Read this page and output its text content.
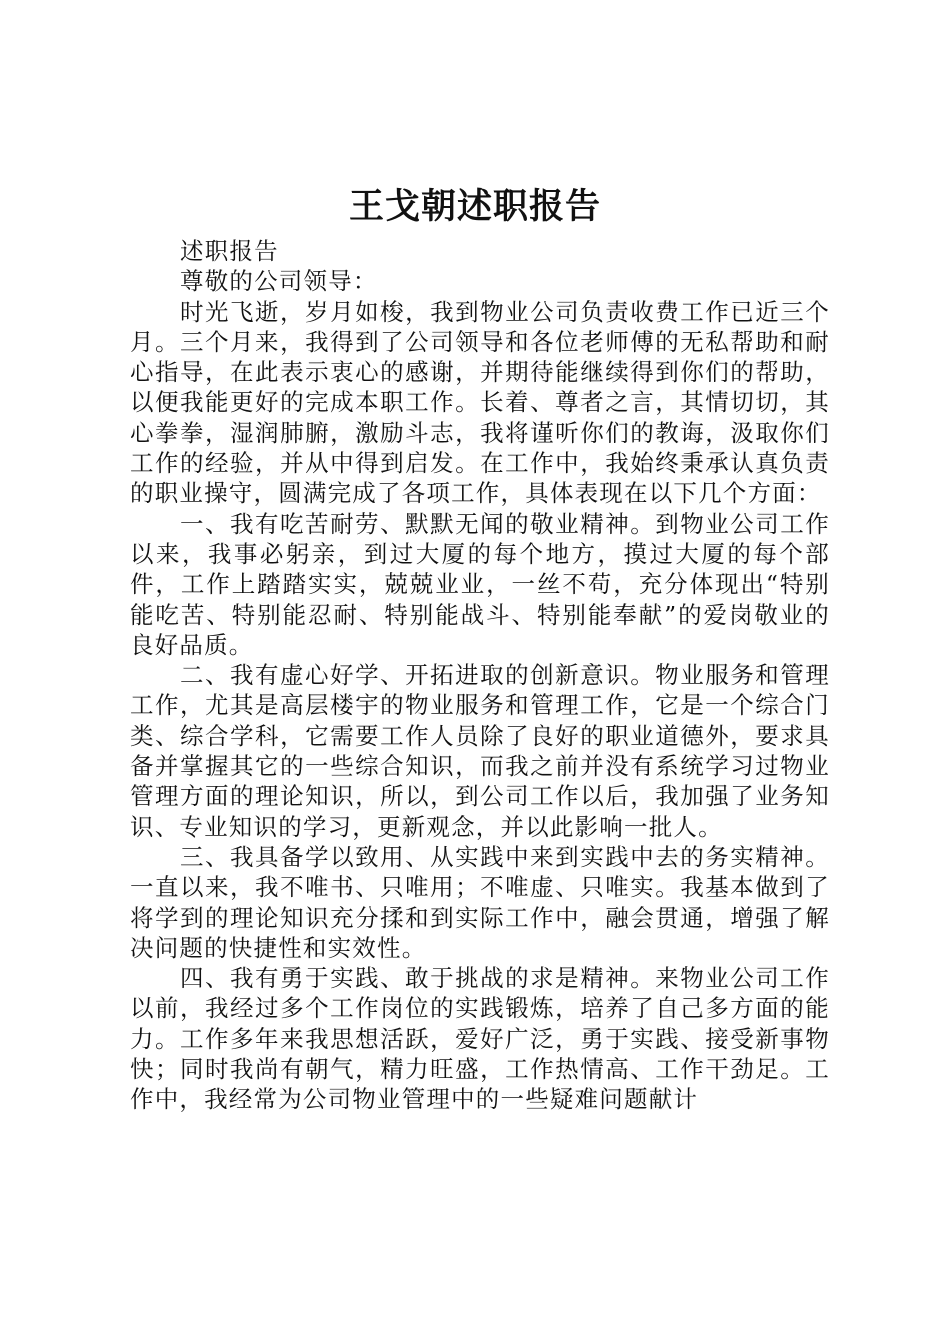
王戈朝述职报告

述职报告

尊敬的公司领导：

时光飞逝，岁月如梭，我到物业公司负责收费工作已近三个月。三个月来，我得到了公司领导和各位老师傅的无私帮助和耐心指导，在此表示衷心的感谢，并期待能继续得到你们的帮助，以便我能更好的完成本职工作。长着、尊者之言，其情切切，其心拳拳，湿润肺腑，激励斗志，我将谨听你们的教诲，汲取你们工作的经验，并从中得到启发。在工作中，我始终秉承认真负责的职业操守，圆满完成了各项工作，具体表现在以下几个方面：

一、我有吃苦耐劳、默默无闻的敬业精神。到物业公司工作以来，我事必躬亲，到过大厦的每个地方，摸过大厦的每个部件，工作上踏踏实实，兢兢业业，一丝不苟，充分体现出“特别能吃苦、特别能忍耐、特别能战斗、特别能奉献”的爱岗敬业的良好品质。

二、我有虚心好学、开拓进取的创新意识。物业服务和管理工作，尤其是高层楼宇的物业服务和管理工作，它是一个综合门类、综合学科，它需要工作人员除了良好的职业道德外，要求具备并掌握其它的一些综合知识，而我之前并没有系统学习过物业管理方面的理论知识，所以，到公司工作以后，我加强了业务知识、专业知识的学习，更新观念，并以此影响一批人。

三、我具备学以致用、从实践中来到实践中去的务实精神。一直以来，我不唯书、只唯用；不唯虚、只唯实。我基本做到了将学到的理论知识充分揉和到实际工作中，融会贯通，增强了解决问题的快捷性和实效性。

四、我有勇于实践、敢于挑战的求是精神。来物业公司工作以前，我经过多个工作岗位的实践锻炼，培养了自己多方面的能力。工作多年来我思想活跃，爱好广泛，勇于实践、接受新事物快；同时我尚有朝气，精力旺盛，工作热情高、工作干劲足。工作中，我经常为公司物业管理中的一些疑难问题献计
